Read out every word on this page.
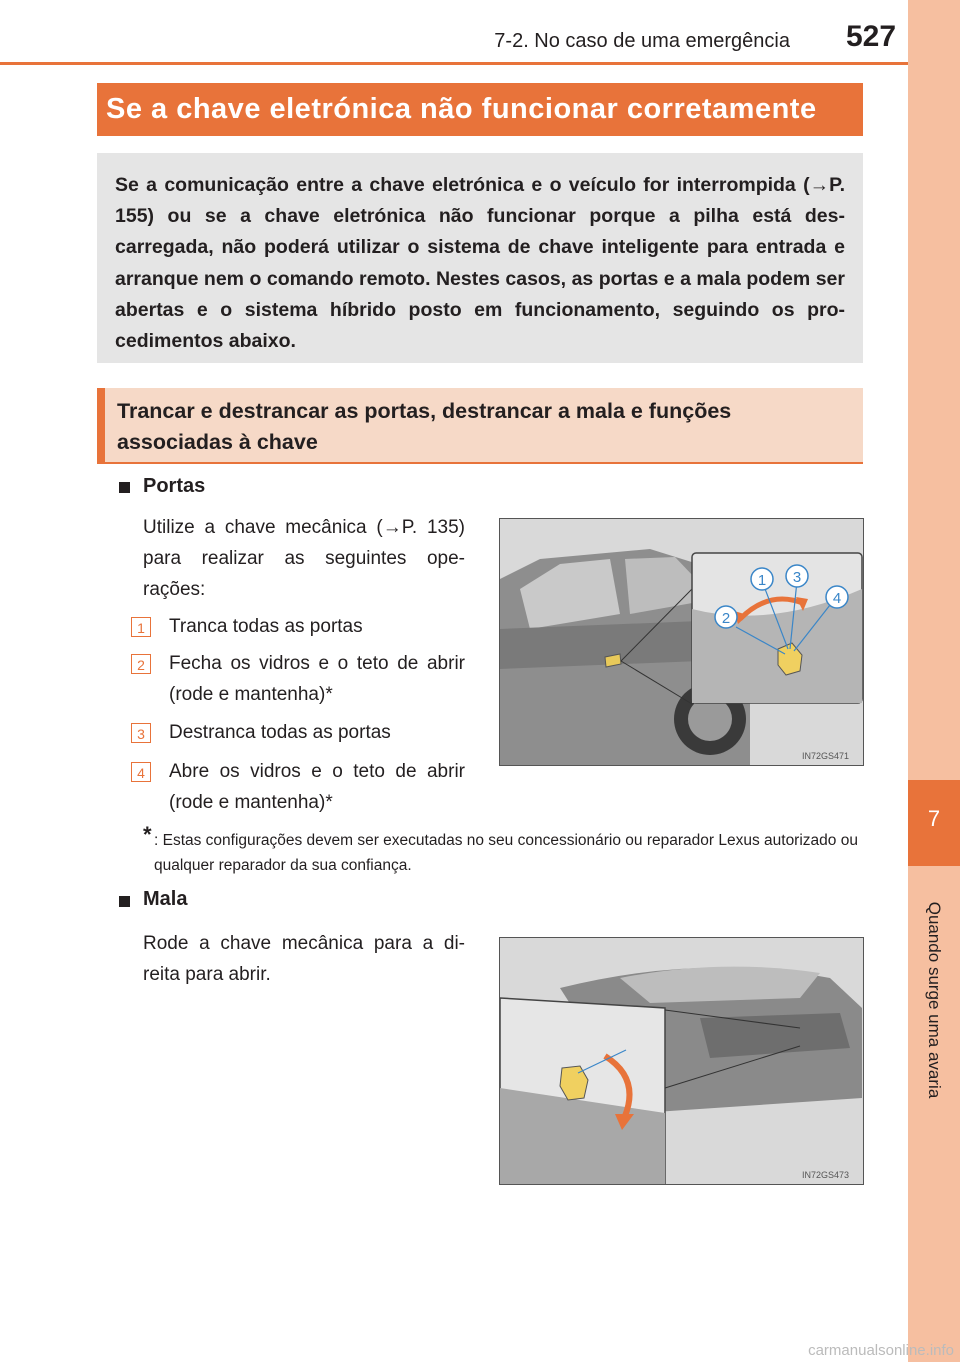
7-2. No caso de uma emergência 527
7
Quando surge uma avaria
Se a chave eletrónica não funcionar corretamente
Se a comunicação entre a chave eletrónica e o veículo for interrompida (→P. 155) ou se a chave eletrónica não funcionar porque a pilha está des-carregada, não poderá utilizar o sistema de chave inteligente para entrada e arranque nem o comando remoto. Nestes casos, as portas e a mala podem ser abertas e o sistema híbrido posto em funcionamento, seguindo os pro-cedimentos abaixo.
Trancar e destrancar as portas, destrancar a mala e funções associadas à chave
Portas
Utilize a chave mecânica (→P. 135) para realizar as seguintes ope-rações:
1	Tranca todas as portas
2	Fecha os vidros e o teto de abrir (rode e mantenha)*
3	Destranca todas as portas
4	Abre os vidros e o teto de abrir (rode e mantenha)*
1
2
3
4
IN72GS471
* : Estas configurações devem ser executadas no seu concessionário ou reparador Lexus autorizado ou qualquer reparador da sua confiança.
Mala
Rode a chave mecânica para a di-reita para abrir.
IN72GS473
carmanualsonline.info
